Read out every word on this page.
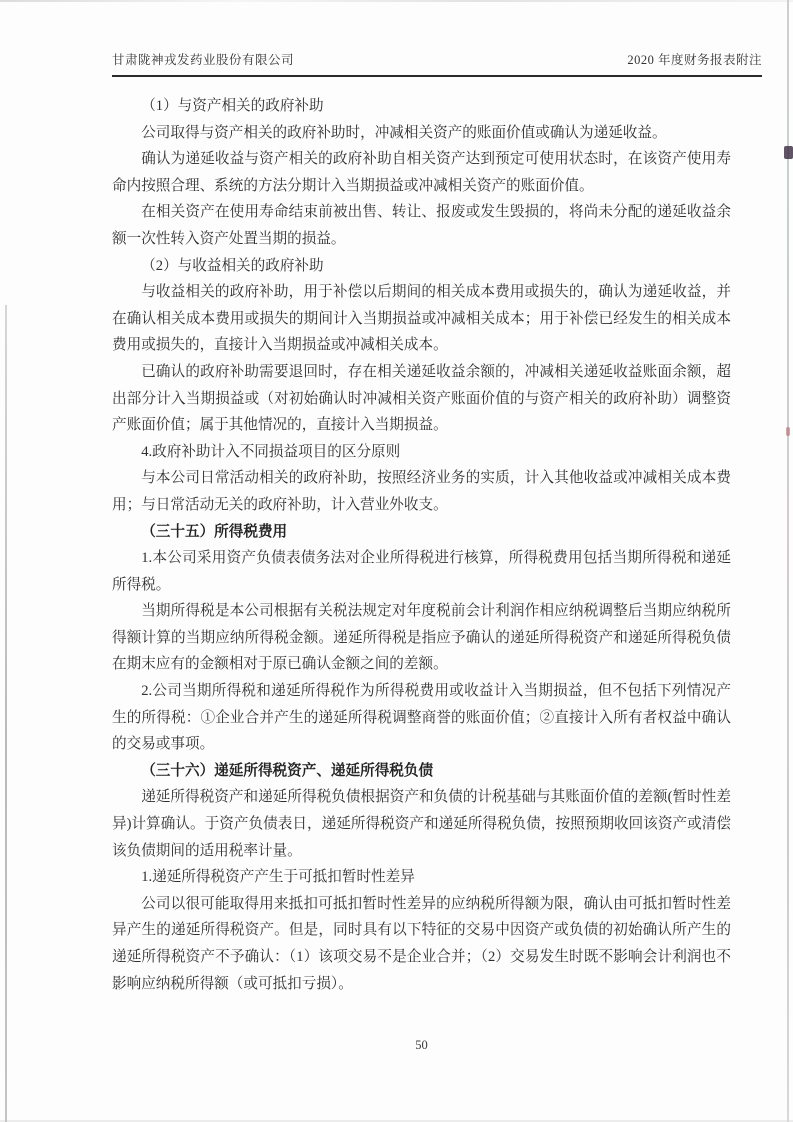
甘肃陇神戎发药业股份有限公司	2020 年度财务报表附注

（1）与资产相关的政府补助

公司取得与资产相关的政府补助时，冲减相关资产的账面价值或确认为递延收益。

确认为递延收益与资产相关的政府补助自相关资产达到预定可使用状态时，在该资产使用寿命内按照合理、系统的方法分期计入当期损益或冲减相关资产的账面价值。

在相关资产在使用寿命结束前被出售、转让、报废或发生毁损的，将尚未分配的递延收益余额一次性转入资产处置当期的损益。

（2）与收益相关的政府补助

与收益相关的政府补助，用于补偿以后期间的相关成本费用或损失的，确认为递延收益，并在确认相关成本费用或损失的期间计入当期损益或冲减相关成本；用于补偿已经发生的相关成本费用或损失的，直接计入当期损益或冲减相关成本。

已确认的政府补助需要退回时，存在相关递延收益余额的，冲减相关递延收益账面余额，超出部分计入当期损益或（对初始确认时冲减相关资产账面价值的与资产相关的政府补助）调整资产账面价值；属于其他情况的，直接计入当期损益。

4.政府补助计入不同损益项目的区分原则

与本公司日常活动相关的政府补助，按照经济业务的实质，计入其他收益或冲减相关成本费用；与日常活动无关的政府补助，计入营业外收支。

（三十五）所得税费用

1.本公司采用资产负债表债务法对企业所得税进行核算，所得税费用包括当期所得税和递延所得税。

当期所得税是本公司根据有关税法规定对年度税前会计利润作相应纳税调整后当期应纳税所得额计算的当期应纳所得税金额。递延所得税是指应予确认的递延所得税资产和递延所得税负债在期末应有的金额相对于原已确认金额之间的差额。

2.公司当期所得税和递延所得税作为所得税费用或收益计入当期损益，但不包括下列情况产生的所得税：①企业合并产生的递延所得税调整商誉的账面价值；②直接计入所有者权益中确认的交易或事项。

（三十六）递延所得税资产、递延所得税负债

递延所得税资产和递延所得税负债根据资产和负债的计税基础与其账面价值的差额(暂时性差异)计算确认。于资产负债表日，递延所得税资产和递延所得税负债，按照预期收回该资产或清偿该负债期间的适用税率计量。

1.递延所得税资产产生于可抵扣暂时性差异

公司以很可能取得用来抵扣可抵扣暂时性差异的应纳税所得额为限，确认由可抵扣暂时性差异产生的递延所得税资产。但是，同时具有以下特征的交易中因资产或负债的初始确认所产生的递延所得税资产不予确认：（1）该项交易不是企业合并；（2）交易发生时既不影响会计利润也不影响应纳税所得额（或可抵扣亏损）。

50
